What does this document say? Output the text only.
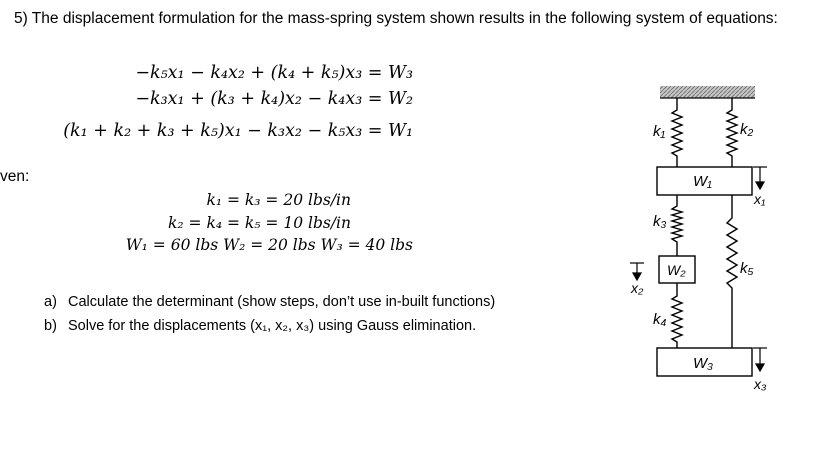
5) The displacement formulation for the mass-spring system shown results in the following system of equations:
−k₅x₁ − k₄x₂ + (k₄ + k₅)x₃ = W₃
−k₃x₁ + (k₃ + k₄)x₂ − k₄x₃ = W₂
(k₁ + k₂ + k₃ + k₅)x₁ − k₃x₂ − k₅x₃ = W₁
ven:
k₁ = k₃ = 20 lbs/in
k₂ = k₄ = k₅ = 10 lbs/in
W₁ = 60 lbs W₂ = 20 lbs W₃ = 40 lbs
a) Calculate the determinant (show steps, don’t use in-built functions)
b) Solve for the displacements (x₁, x₂, x₃) using Gauss elimination.
k₁	k₂
k₃
k₄
k₅
W₁
W₂
W₃
x₁
x₂
x₃
